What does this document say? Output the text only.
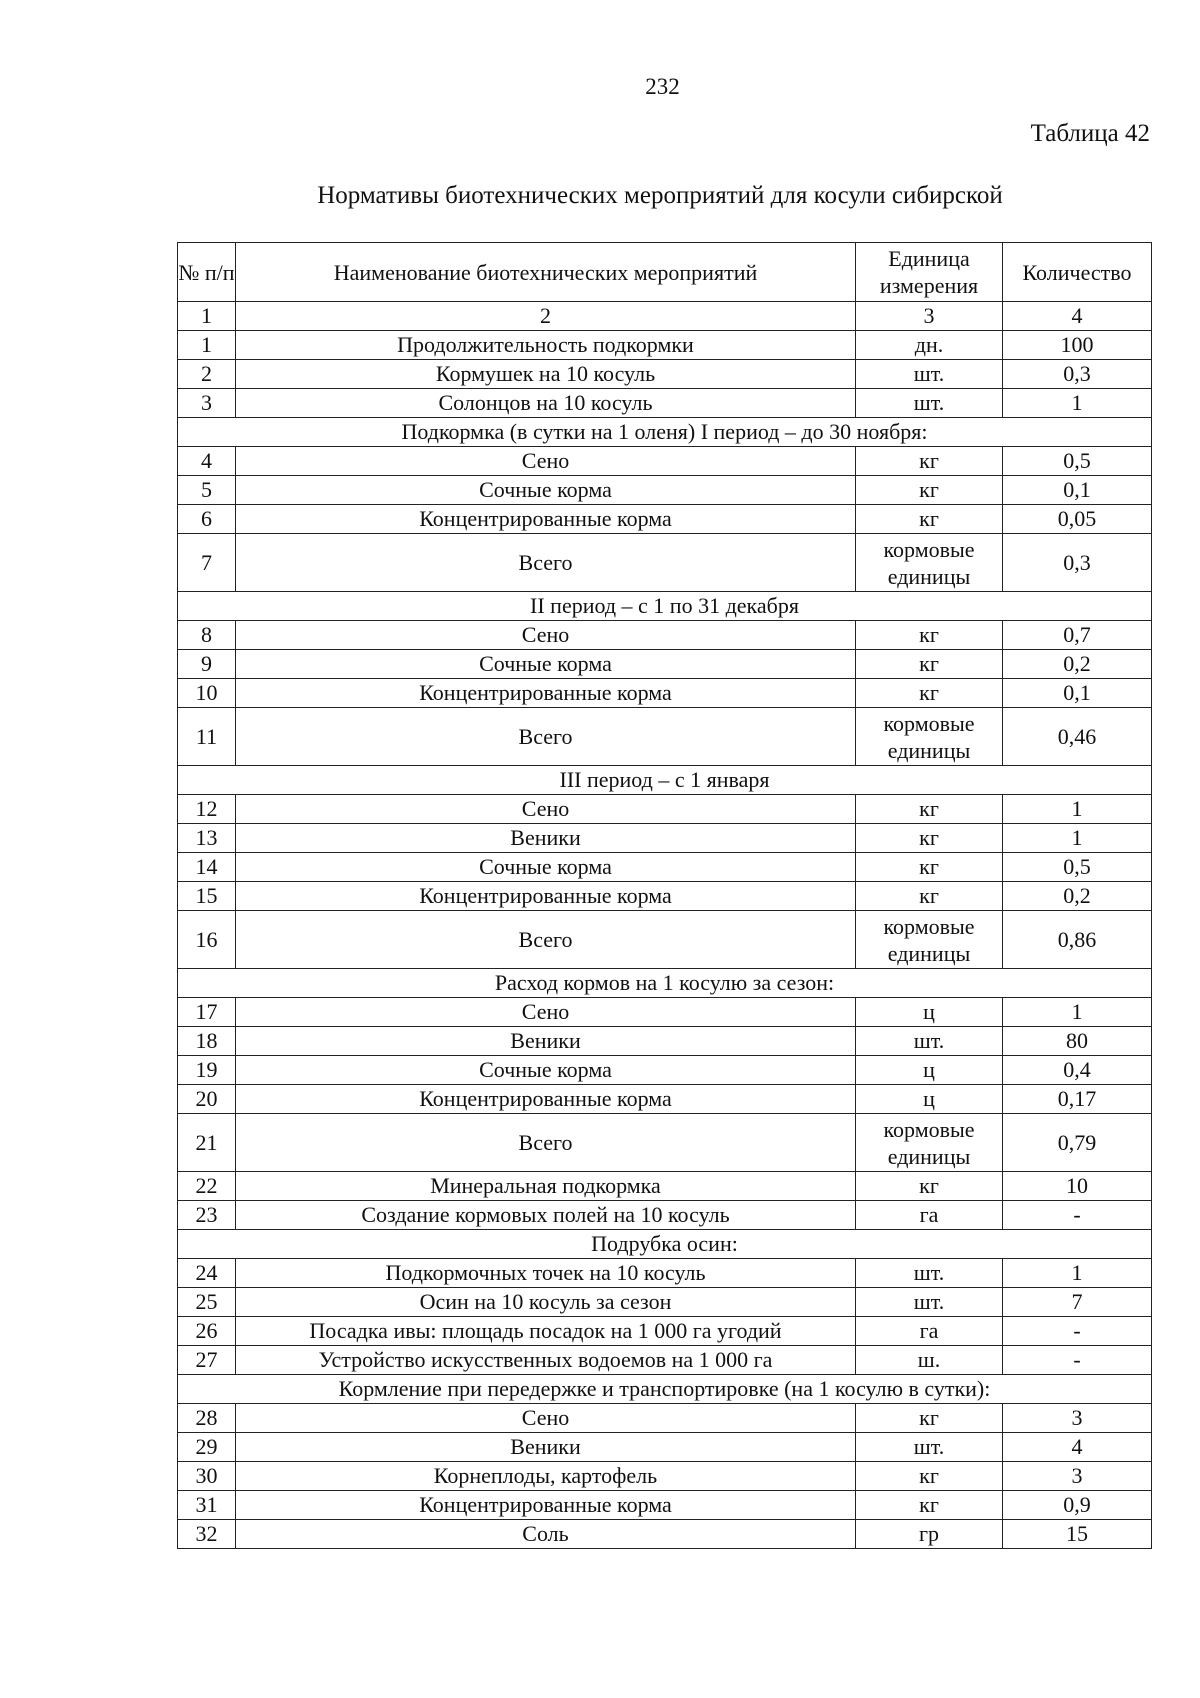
232
Таблица 42
Нормативы биотехнических мероприятий для косули сибирской
№ п/п	Наименование биотехнических мероприятий	Единица измерения	Количество
1	2	3	4
1	Продолжительность подкормки	дн.	100
2	Кормушек на 10 косуль	шт.	0,3
3	Солонцов на 10 косуль	шт.	1
Подкормка (в сутки на 1 оленя) I период – до 30 ноября:			
4	Сено	кг	0,5
5	Сочные корма	кг	0,1
6	Концентрированные корма	кг	0,05
7	Всего	кормовые единицы	0,3
II период – с 1 по 31 декабря			
8	Сено	кг	0,7
9	Сочные корма	кг	0,2
10	Концентрированные корма	кг	0,1
11	Всего	кормовые единицы	0,46
III период – с 1 января			
12	Сено	кг	1
13	Веники	кг	1
14	Сочные корма	кг	0,5
15	Концентрированные корма	кг	0,2
16	Всего	кормовые единицы	0,86
Расход кормов на 1 косулю за сезон:			
17	Сено	ц	1
18	Веники	шт.	80
19	Сочные корма	ц	0,4
20	Концентрированные корма	ц	0,17
21	Всего	кормовые единицы	0,79
22	Минеральная подкормка	кг	10
23	Создание кормовых полей на 10 косуль	га	-
Подрубка осин:			
24	Подкормочных точек на 10 косуль	шт.	1
25	Осин на 10 косуль за сезон	шт.	7
26	Посадка ивы: площадь посадок на 1 000 га угодий	га	-
27	Устройство искусственных водоемов на 1 000 га	ш.	-
Кормление при передержке и транспортировке (на 1 косулю в сутки):			
28	Сено	кг	3
29	Веники	шт.	4
30	Корнеплоды, картофель	кг	3
31	Концентрированные корма	кг	0,9
32	Соль	гр	15
